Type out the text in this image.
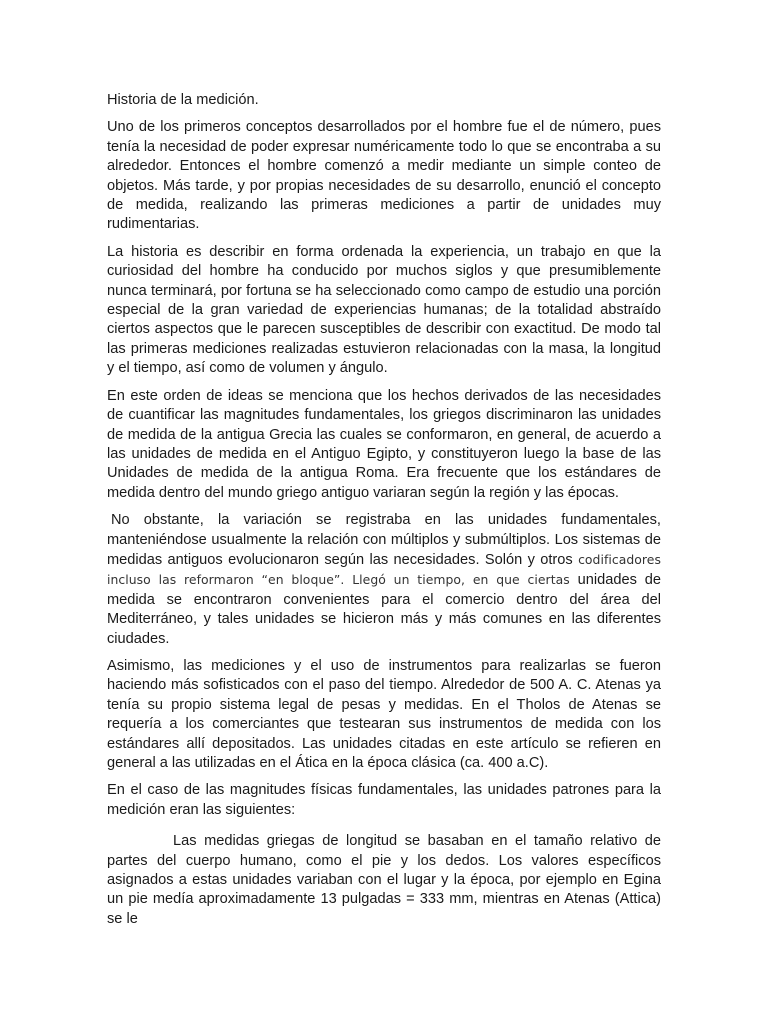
Historia de la medición.

Uno de los primeros conceptos desarrollados por el hombre fue el de número, pues tenía la necesidad de poder expresar numéricamente todo lo que se encontraba a su alrededor. Entonces el hombre comenzó a medir mediante un simple conteo de objetos. Más tarde, y por propias necesidades de su desarrollo, enunció el concepto de medida, realizando las primeras mediciones a partir de unidades muy rudimentarias.

La historia es describir en forma ordenada la experiencia, un trabajo en que la curiosidad del hombre ha conducido por muchos siglos y que presumiblemente nunca terminará, por fortuna se ha seleccionado como campo de estudio una porción especial de la gran variedad de experiencias humanas; de la totalidad abstraído ciertos aspectos que le parecen susceptibles de describir con exactitud. De modo tal las primeras mediciones realizadas estuvieron relacionadas con la masa, la longitud y el tiempo, así como de volumen y ángulo.

En este orden de ideas se menciona que los hechos derivados de las necesidades de cuantificar las magnitudes fundamentales, los griegos discriminaron las unidades de medida de la antigua Grecia las cuales se conformaron, en general, de acuerdo a las unidades de medida en el Antiguo Egipto, y constituyeron luego la base de las Unidades de medida de la antigua Roma. Era frecuente que los estándares de medida dentro del mundo griego antiguo variaran según la región y las épocas.

No obstante, la variación se registraba en las unidades fundamentales, manteniéndose usualmente la relación con múltiplos y submúltiplos. Los sistemas de medidas antiguos evolucionaron según las necesidades. Solón y otros codificadores incluso las reformaron “en bloque”. Llegó un tiempo, en que ciertas unidades de medida se encontraron convenientes para el comercio dentro del área del Mediterráneo, y tales unidades se hicieron más y más comunes en las diferentes ciudades.

Asimismo, las mediciones y el uso de instrumentos para realizarlas se fueron haciendo más sofisticados con el paso del tiempo. Alrededor de 500 A. C. Atenas ya tenía su propio sistema legal de pesas y medidas. En el Tholos de Atenas se requería a los comerciantes que testearan sus instrumentos de medida con los estándares allí depositados. Las unidades citadas en este artículo se refieren en general a las utilizadas en el Ática en la época clásica (ca. 400 a.C).

En el caso de las magnitudes físicas fundamentales, las unidades patrones para la medición eran las siguientes:

Las medidas griegas de longitud se basaban en el tamaño relativo de partes del cuerpo humano, como el pie y los dedos. Los valores específicos asignados a estas unidades variaban con el lugar y la época, por ejemplo en Egina un pie medía aproximadamente 13 pulgadas = 333 mm, mientras en Atenas (Attica) se le
